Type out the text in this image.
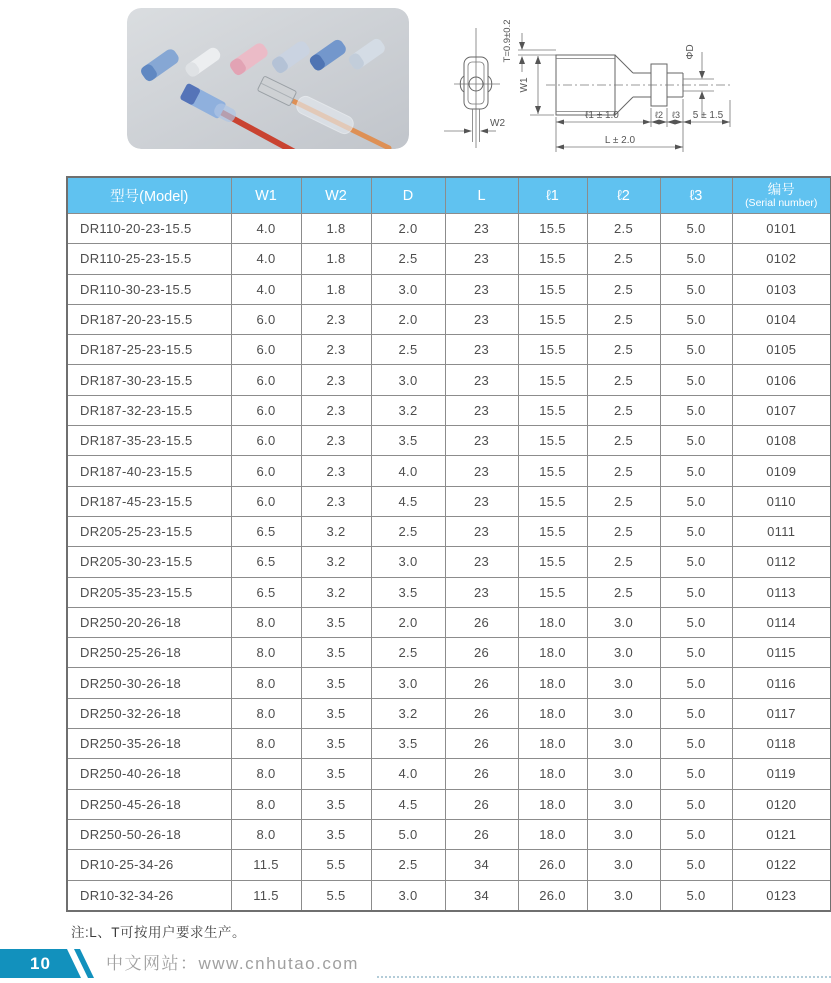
W2
T=0.9±0.2
W1
ΦD
ℓ1 ± 1.0	ℓ2 ℓ3 5 ± 1.5
L ± 2.0
型号(Model)	W1	W2	D	L	ℓ1	ℓ2	ℓ3	编号
(Serial number)

DR110-20-23-15.5	4.0	1.8	2.0	23	15.5	2.5	5.0	0101
DR110-25-23-15.5	4.0	1.8	2.5	23	15.5	2.5	5.0	0102
DR110-30-23-15.5	4.0	1.8	3.0	23	15.5	2.5	5.0	0103
DR187-20-23-15.5	6.0	2.3	2.0	23	15.5	2.5	5.0	0104
DR187-25-23-15.5	6.0	2.3	2.5	23	15.5	2.5	5.0	0105
DR187-30-23-15.5	6.0	2.3	3.0	23	15.5	2.5	5.0	0106
DR187-32-23-15.5	6.0	2.3	3.2	23	15.5	2.5	5.0	0107
DR187-35-23-15.5	6.0	2.3	3.5	23	15.5	2.5	5.0	0108
DR187-40-23-15.5	6.0	2.3	4.0	23	15.5	2.5	5.0	0109
DR187-45-23-15.5	6.0	2.3	4.5	23	15.5	2.5	5.0	0110
DR205-25-23-15.5	6.5	3.2	2.5	23	15.5	2.5	5.0	0111
DR205-30-23-15.5	6.5	3.2	3.0	23	15.5	2.5	5.0	0112
DR205-35-23-15.5	6.5	3.2	3.5	23	15.5	2.5	5.0	0113
DR250-20-26-18	8.0	3.5	2.0	26	18.0	3.0	5.0	0114
DR250-25-26-18	8.0	3.5	2.5	26	18.0	3.0	5.0	0115
DR250-30-26-18	8.0	3.5	3.0	26	18.0	3.0	5.0	0116
DR250-32-26-18	8.0	3.5	3.2	26	18.0	3.0	5.0	0117
DR250-35-26-18	8.0	3.5	3.5	26	18.0	3.0	5.0	0118
DR250-40-26-18	8.0	3.5	4.0	26	18.0	3.0	5.0	0119
DR250-45-26-18	8.0	3.5	4.5	26	18.0	3.0	5.0	0120
DR250-50-26-18	8.0	3.5	5.0	26	18.0	3.0	5.0	0121
DR10-25-34-26	11.5	5.5	2.5	34	26.0	3.0	5.0	0122
DR10-32-34-26	11.5	5.5	3.0	34	26.0	3.0	5.0	0123
注:L、T可按用户要求生产。
10	中文网站：www.cnhutao.com
